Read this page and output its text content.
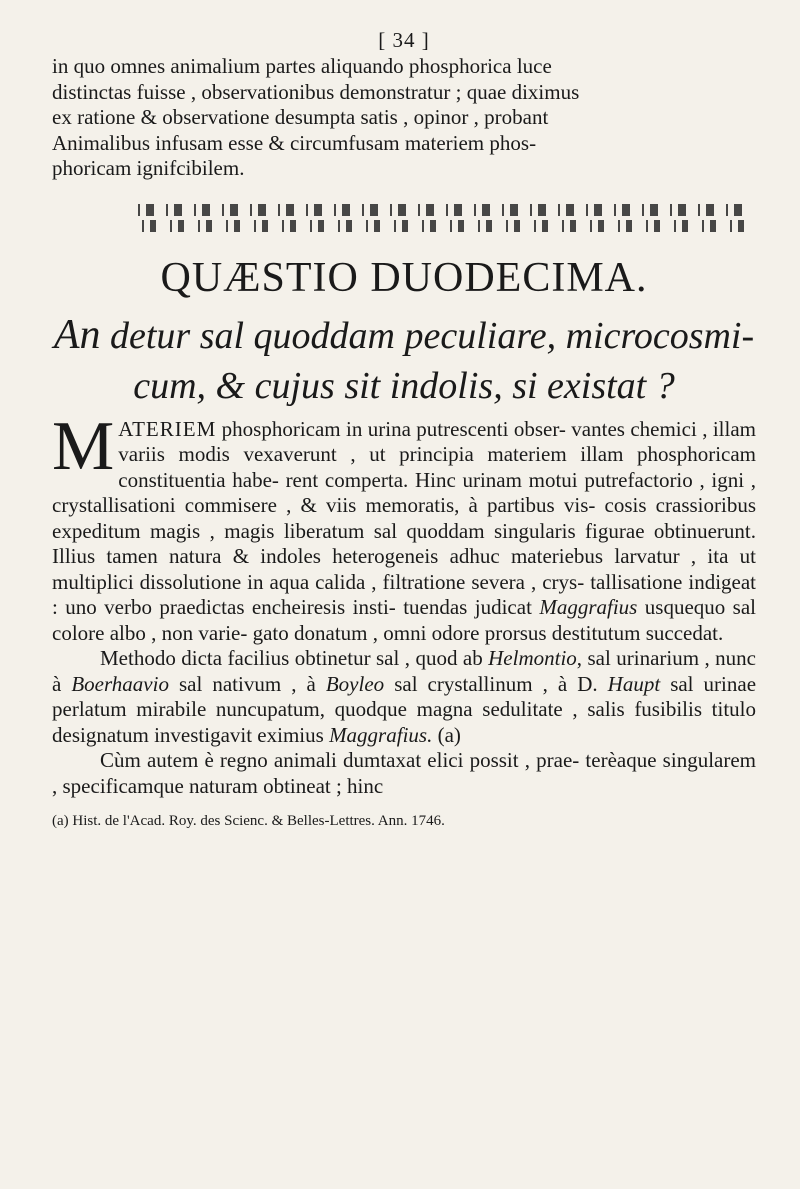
[ 34 ]

in quo omnes animalium partes aliquando phosphorica luce

distinctas fuisse , observationibus demonstratur ; quae diximus

ex ratione & observatione desumpta satis , opinor , probant

Animalibus infusam esse & circumfusam materiem phos-

phoricam ignifcibilem.

QUÆSTIO DUODECIMA.
An detur sal quoddam peculiare, microcosmi-
cum, & cujus sit indolis, si existat ?

MATERIEM phosphoricam in urina putrescenti obser- vantes chemici , illam variis modis vexaverunt , ut principia materiem illam phosphoricam constituentia habe- rent comperta. Hinc urinam motui putrefactorio , igni , crystallisationi commisere , & viis memoratis, à partibus vis- cosis crassioribus expeditum magis , magis liberatum sal quoddam singularis figurae obtinuerunt. Illius tamen natura & indoles heterogeneis adhuc materiebus larvatur , ita ut multiplici dissolutione in aqua calida , filtratione severa , crys- tallisatione indigeat : uno verbo praedictas encheiresis insti- tuendas judicat Maggrafius usquequo sal colore albo , non varie- gato donatum , omni odore prorsus destitutum succedat.

Methodo dicta facilius obtinetur sal , quod ab Helmontio, sal urinarium , nunc à Boerhaavio sal nativum , à Boyleo sal crystallinum , à D. Haupt sal urinae perlatum mirabile nuncupatum, quodque magna sedulitate , salis fusibilis titulo designatum investigavit eximius Maggrafius. (a)

Cùm autem è regno animali dumtaxat elici possit , prae- terèaque singularem , specificamque naturam obtineat ; hinc

(a) Hist. de l'Acad. Roy. des Scienc. & Belles-Lettres. Ann. 1746.
